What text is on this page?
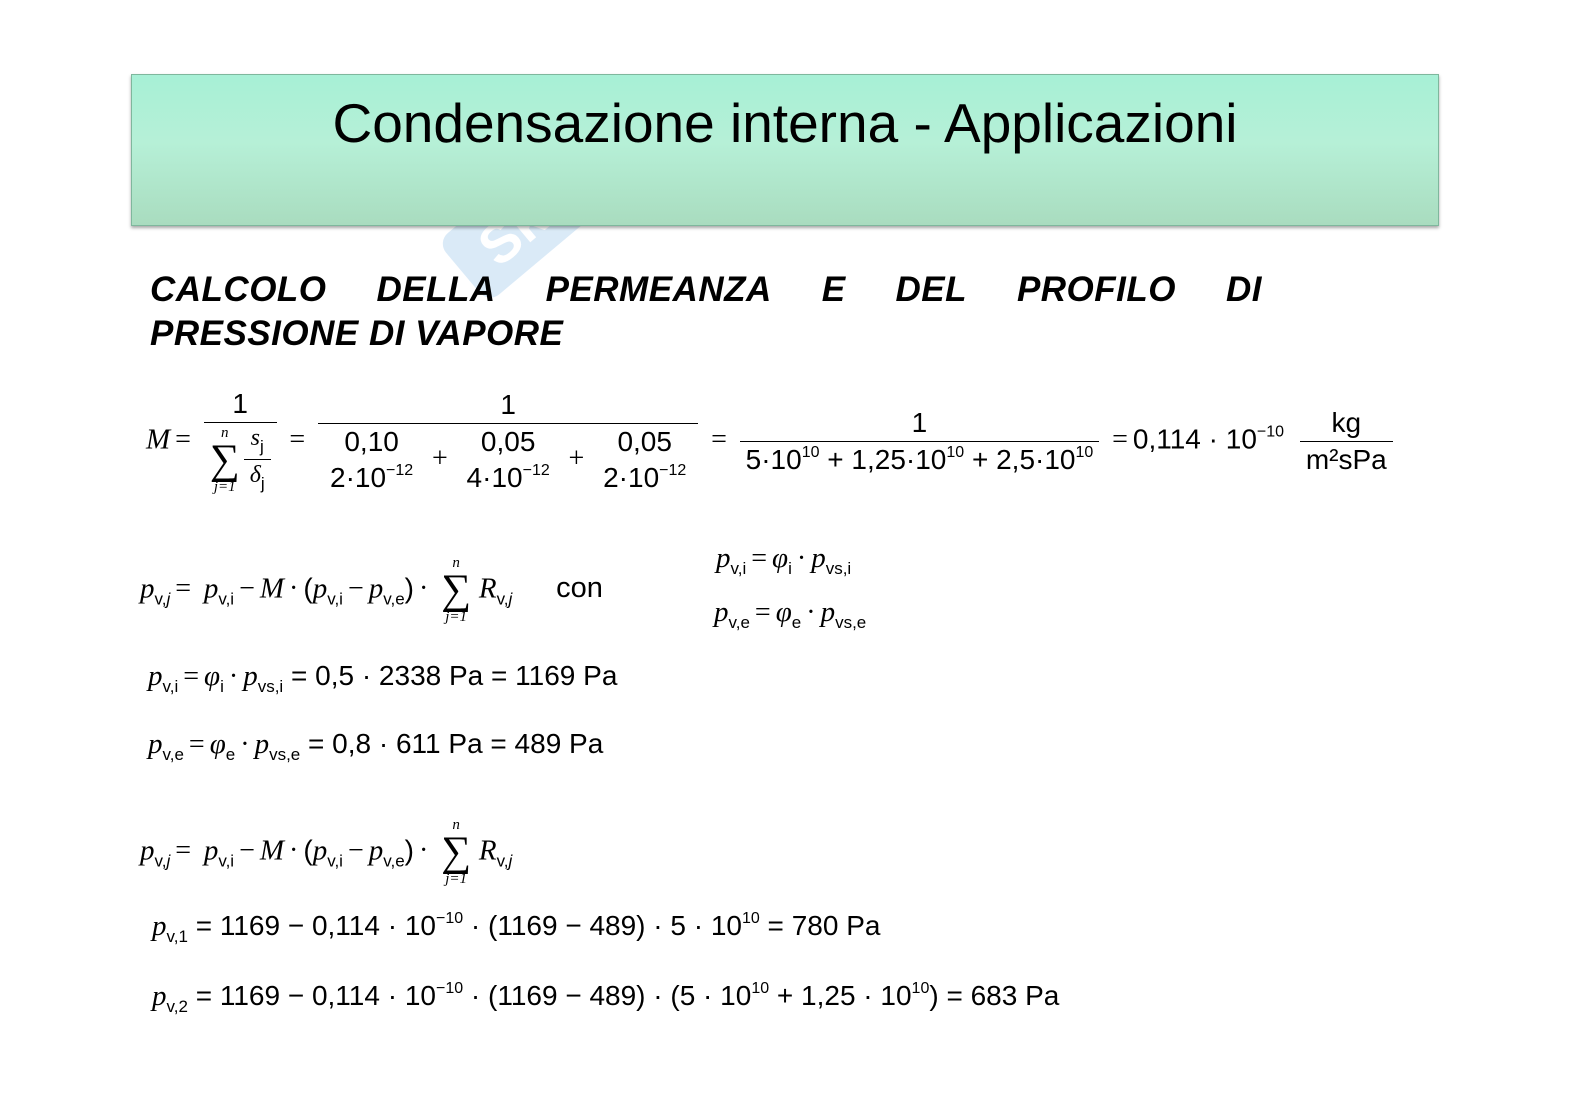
Condensazione interna - Applicazioni
CALCOLO DELLA PERMEANZA E DEL PROFILO DI
PRESSIONE DI VAPORE
M = 1
n
∑
$j=1 \frac{s_j}{\delta_j}$ =
1
0,10
$2\cdot 10^{-12}$ +
0,05
$4\cdot 10^{-12}$ +
0,05
$2\cdot 10^{-12}$
= $\frac{1}{5\cdot 10^{10} + 1,25\cdot 10^{10} + 2,5\cdot 10^{10}} = 0,114 \cdot 10^{-10} \frac{kg}{\text{m²sPa}}$
$p_{v,j} = p_{v,i} - M \cdot (p_{v,i} - p_{v,e})$ ·
n
∑
j=1
$R_{v,j}$ con
$p_{v,i} = \varphi_i \cdot p_{vs,i}$
$p_{v,e} = \varphi_e \cdot p_{vs,e}$
$p_{v,i} = \varphi_i \cdot p_{vs,i} = 0,5 \cdot 2338$ Pa = 1169 Pa
$p_{v,e} = \varphi_e \cdot p_{vs,e} = 0,8 \cdot 611$ Pa = 489 Pa
$p_{v,j} = p_{v,i} - M \cdot (p_{v,i} - p_{v,e})$ ·
n
∑
j=1
$R_{v,j}$
$p_{v,1} = 1169 - 0,114 \cdot 10^{-10} \cdot (1169 - 489) \cdot 5 \cdot 10^{10} = 780$ Pa
$p_{v,2} = 1169 - 0,114 \cdot 10^{-10} \cdot (1169 - 489) \cdot (5 \cdot 10^{10} + 1,25 \cdot 10^{10}) = 683$ Pa
